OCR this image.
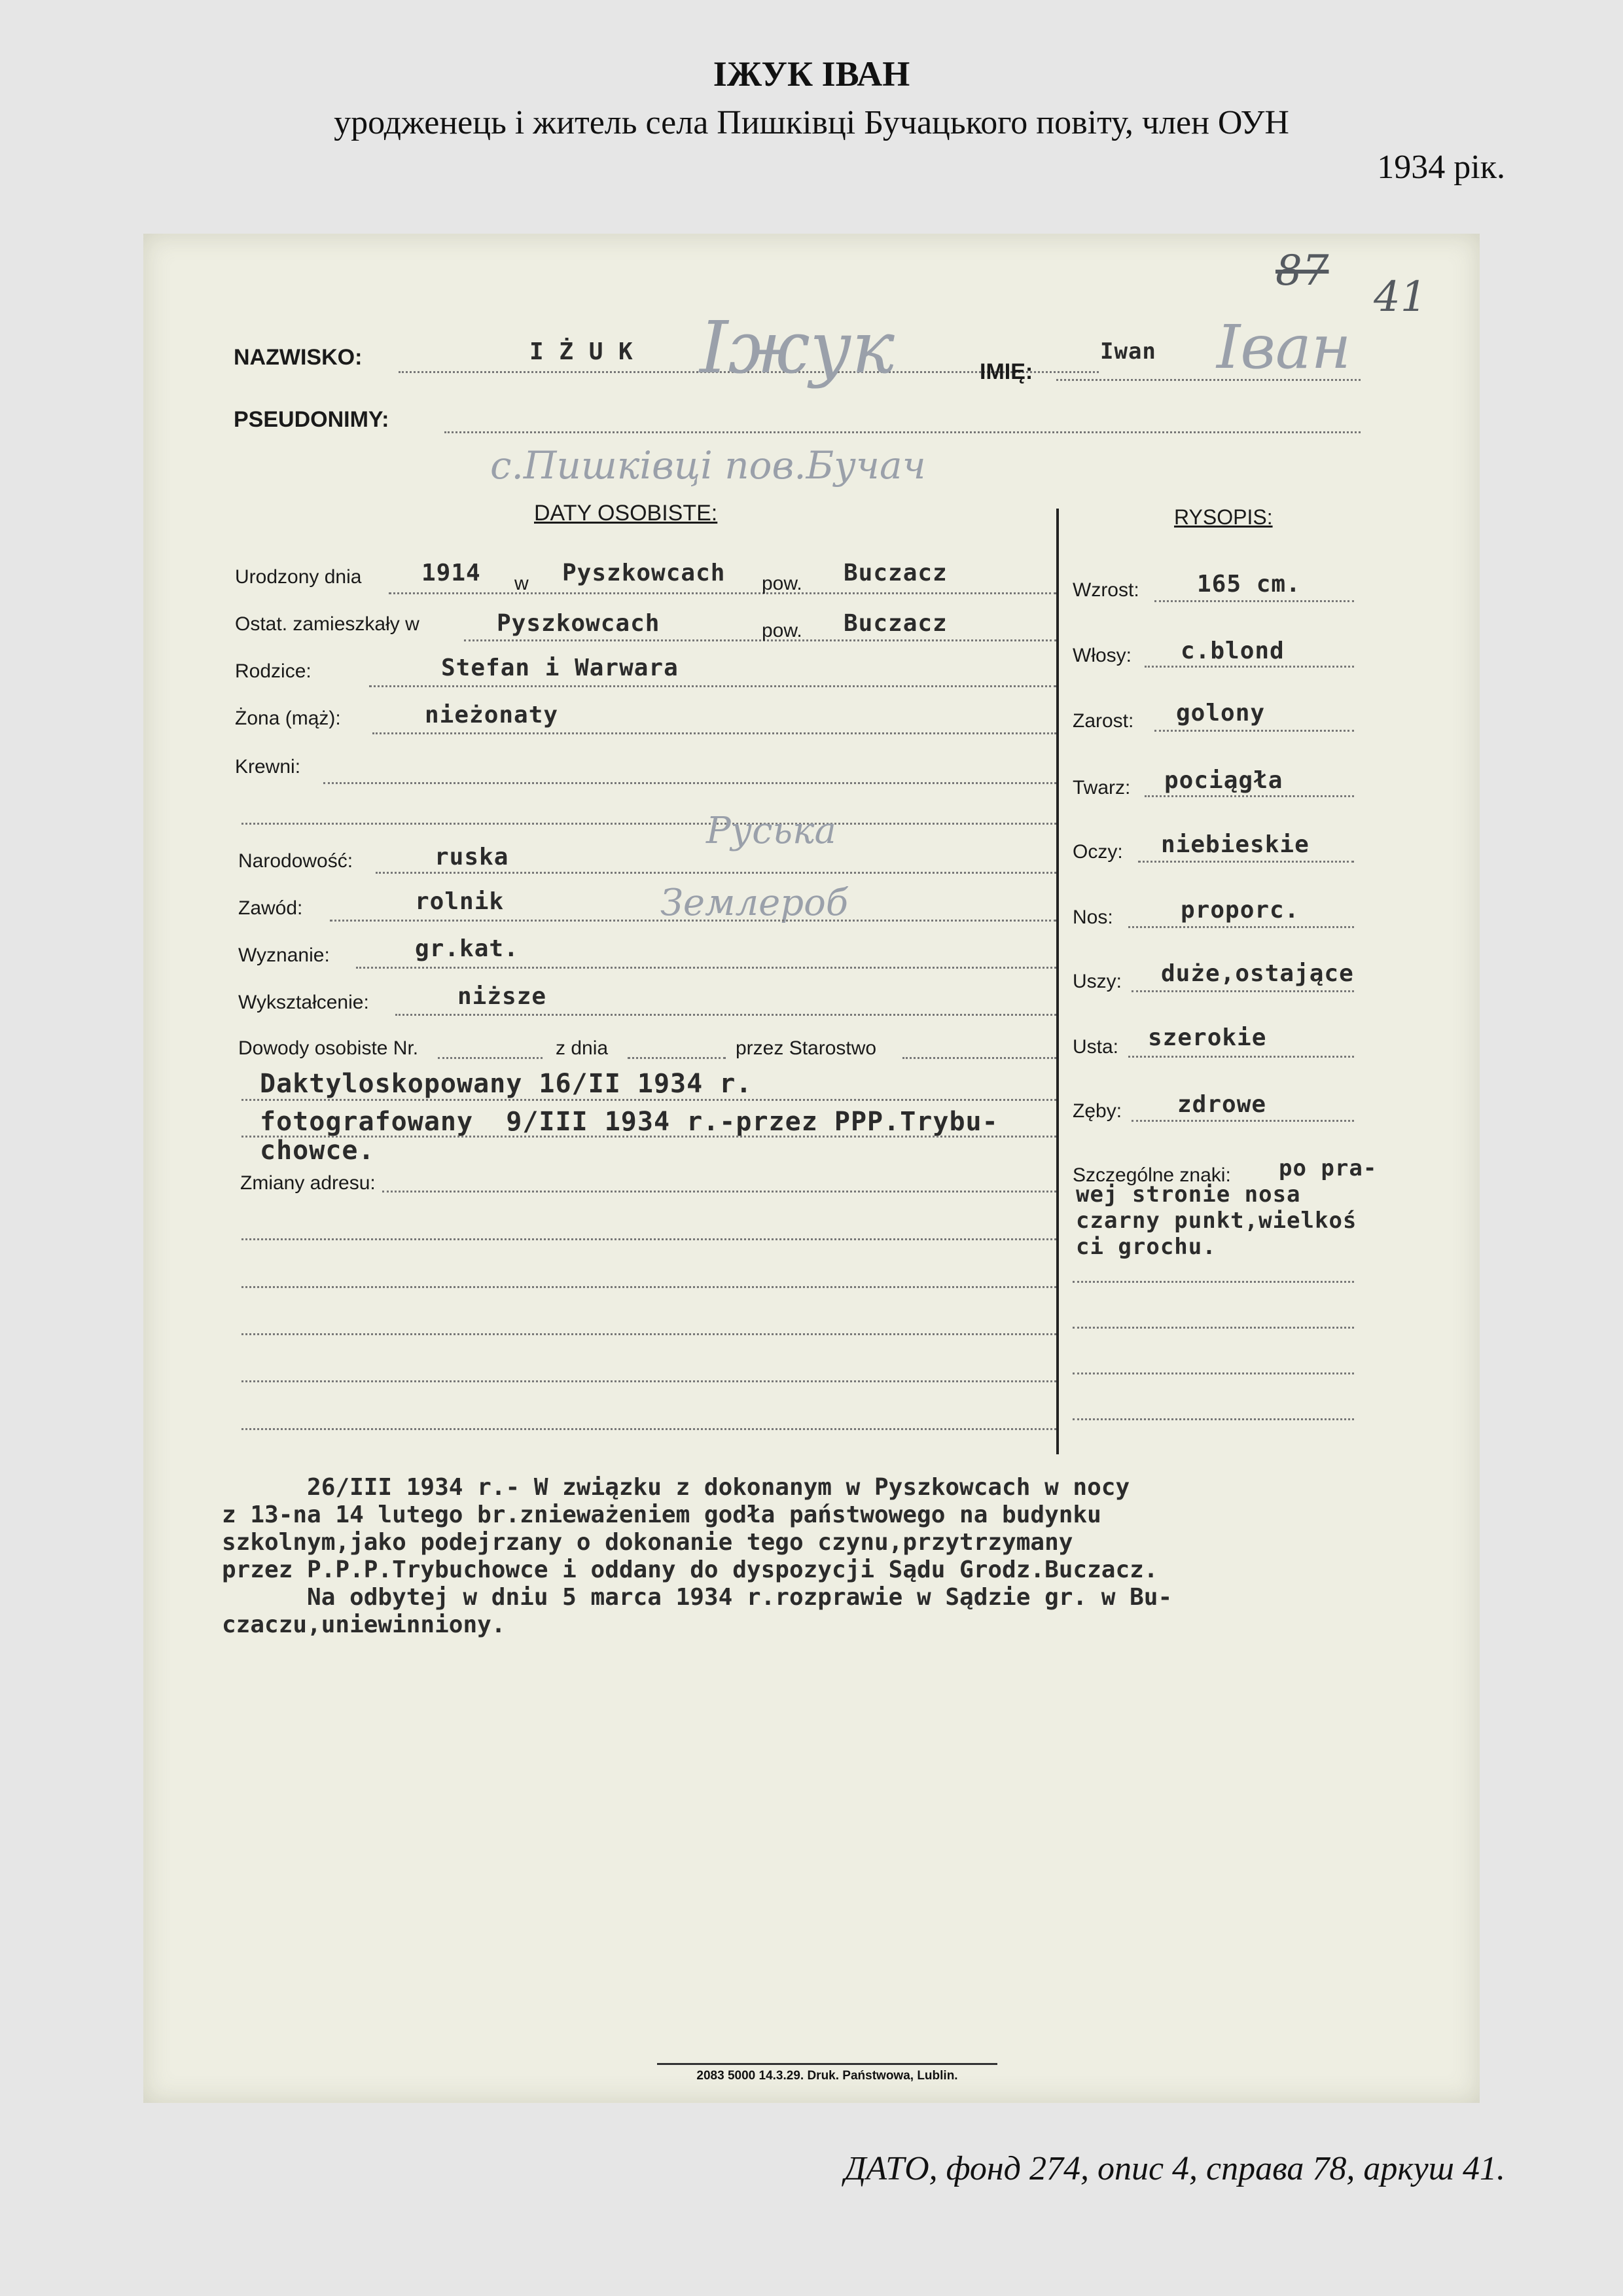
ІЖУК ІВАН
уродженець і житель села Пишківці Бучацького повіту, член ОУН
1934 рік.
87
41
NAZWISKO:	I Ż U K Іжук	IMIĘ:
Iwan Іван
PSEUDONIMY:
с.Пишківці пов.Бучач
DATY OSOBISTE:	RYSOPIS:
Urodzony dnia	1914 w Pyszkowcach pow. Buczacz
Ostat. zamieszkały w	Pyszkowcach	pow. Buczacz
Rodzice:	Stefan i Warwara
Żona (mąż):	nieżonaty
Krewni:
Руська
Землероб
Narodowość:	ruska
Zawód:	rolnik
Wyznanie:	gr.kat.
Wykształcenie:	niższe
Dowody osobiste Nr.	z dnia	przez Starostwo
Daktyloskopowany 16/II 1934 r.
fotografowany  9/III 1934 r.-przez PPP.Trybu-
chowce.
Zmiany adresu:
Wzrost: 165 cm.
Włosy: c.blond
Zarost: golony
Twarz: pociągła
Oczy: niebieskie
Nos:	proporc.
Uszy: duże,ostające
Usta: szerokie
Zęby: zdrowe
Szczególne znaki: po pra-
wej stronie nosa
czarny punkt,wielkoś
ci grochu.
26/III 1934 r.- W związku z dokonanym w Pyszkowcach w nocy
z 13-na 14 lutego br.znieważeniem godła państwowego na budynku
szkolnym,jako podejrzany o dokonanie tego czynu,przytrzymany
przez P.P.P.Trybuchowce i oddany do dyspozycji Sądu Grodz.Buczacz.
Na odbytej w dniu 5 marca 1934 r.rozprawie w Sądzie gr. w Bu-
czaczu,uniewinniony.
2083 5000 14.3.29. Druk. Państwowa, Lublin.
ДАТО, фонд 274, опис 4, справа 78, аркуш 41.
